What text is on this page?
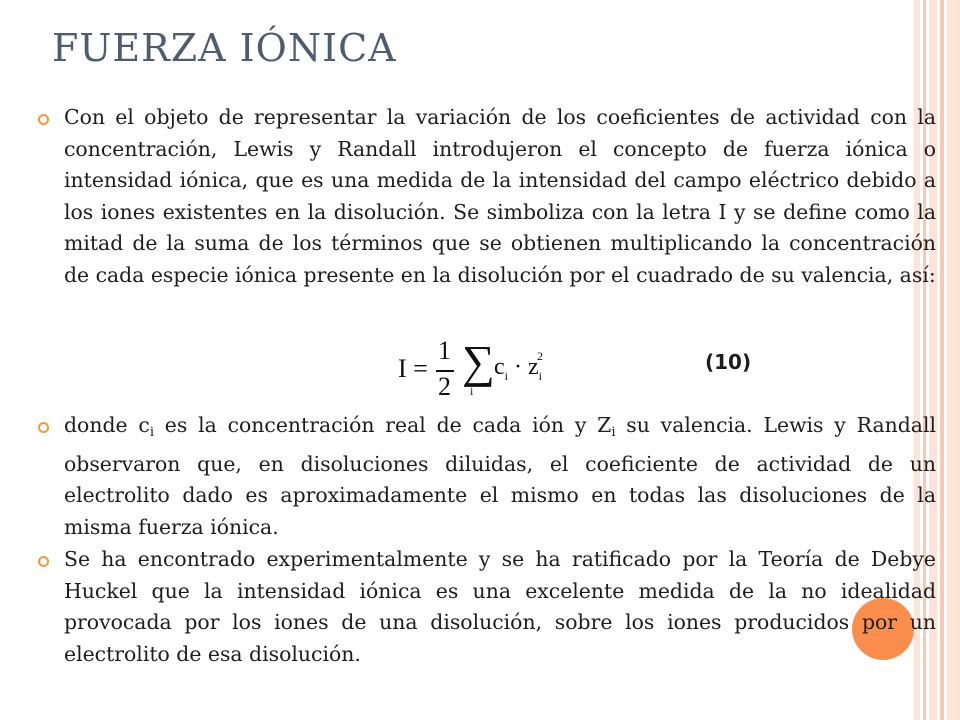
FUERZA IÓNICA

Con el objeto de representar la variación de los coeficientes de actividad con la concentración, Lewis y Randall introdujeron el concepto de fuerza iónica o intensidad iónica, que es una medida de la intensidad del campo eléctrico debido a los iones existentes en la disolución. Se simboliza con la letra I y se define como la mitad de la suma de los términos que se obtienen multiplicando la concentración de cada especie iónica presente en la disolución por el cuadrado de su valencia, así:

I =
1
2 ∑
i
$c_i \cdot z_i^2$	(10)

donde $c_i$ es la concentración real de cada ión y $Z_i$ su valencia. Lewis y Randall observaron que, en disoluciones diluidas, el coeficiente de actividad de un electrolito dado es aproximadamente el mismo en todas las disoluciones de la misma fuerza iónica.

Se ha encontrado experimentalmente y se ha ratificado por la Teoría de Debye Huckel que la intensidad iónica es una excelente medida de la no idealidad provocada por los iones de una disolución, sobre los iones producidos por un electrolito de esa disolución.
